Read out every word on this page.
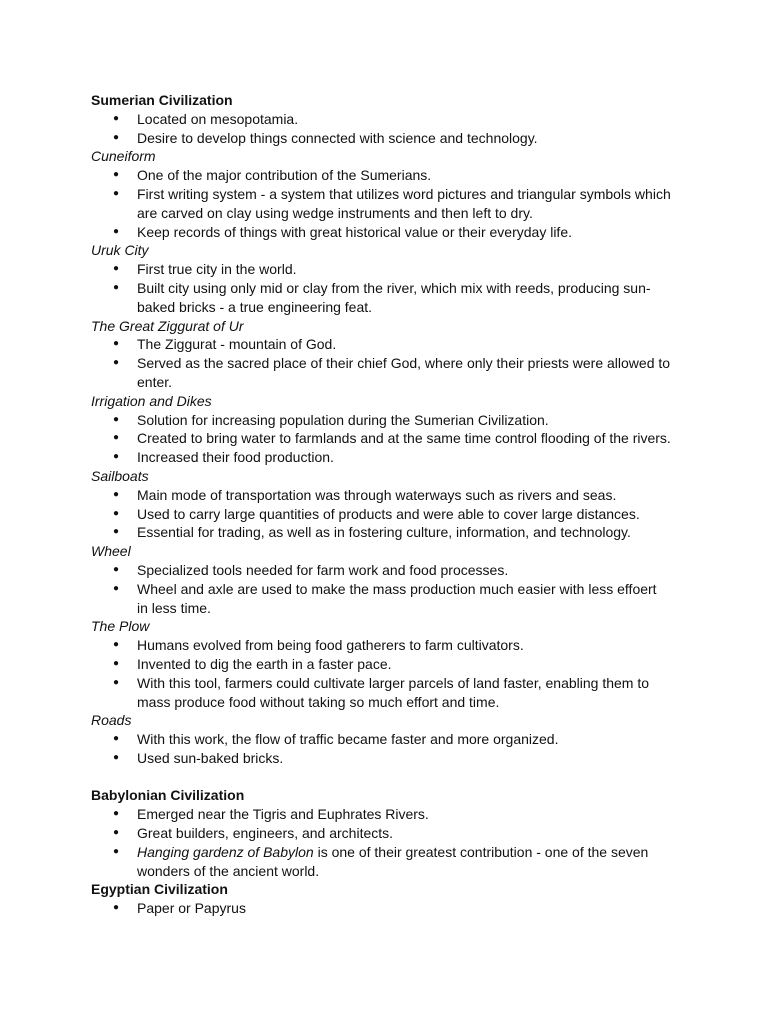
Sumerian Civilization
● Located on mesopotamia.
● Desire to develop things connected with science and technology.
Cuneiform
● One of the major contribution of the Sumerians.
● First writing system - a system that utilizes word pictures and triangular symbols which are carved on clay using wedge instruments and then left to dry.
● Keep records of things with great historical value or their everyday life.
Uruk City
● First true city in the world.
● Built city using only mid or clay from the river, which mix with reeds, producing sun-baked bricks - a true engineering feat.
The Great Ziggurat of Ur
● The Ziggurat - mountain of God.
● Served as the sacred place of their chief God, where only their priests were allowed to enter.
Irrigation and Dikes
● Solution for increasing population during the Sumerian Civilization.
● Created to bring water to farmlands and at the same time control flooding of the rivers.
● Increased their food production.
Sailboats
● Main mode of transportation was through waterways such as rivers and seas.
● Used to carry large quantities of products and were able to cover large distances.
● Essential for trading, as well as in fostering culture, information, and technology.
Wheel
● Specialized tools needed for farm work and food processes.
● Wheel and axle are used to make the mass production much easier with less effoert in less time.
The Plow
● Humans evolved from being food gatherers to farm cultivators.
● Invented to dig the earth in a faster pace.
● With this tool, farmers could cultivate larger parcels of land faster, enabling them to mass produce food without taking so much effort and time.
Roads
● With this work, the flow of traffic became faster and more organized.
● Used sun-baked bricks.
Babylonian Civilization
● Emerged near the Tigris and Euphrates Rivers.
● Great builders, engineers, and architects.
● Hanging gardenz of Babylon is one of their greatest contribution - one of the seven wonders of the ancient world.
Egyptian Civilization
● Paper or Papyrus
